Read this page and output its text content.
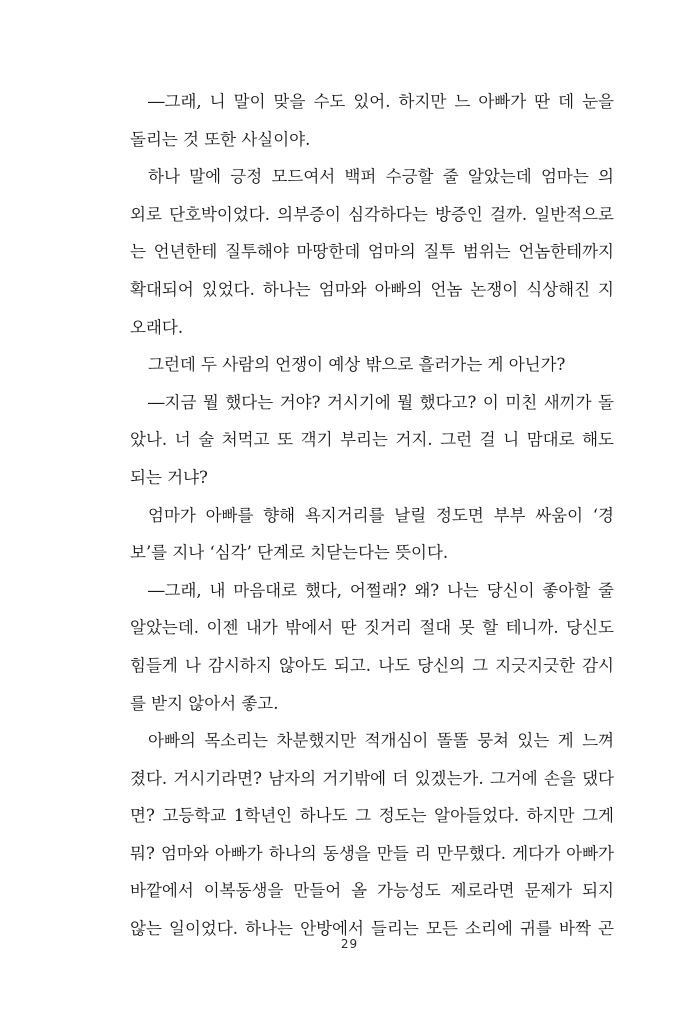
―그래, 니 말이 맞을 수도 있어. 하지만 느 아빠가 딴 데 눈을
돌리는 것 또한 사실이야.
하나 말에 긍정 모드여서 백퍼 수긍할 줄 알았는데 엄마는 의
외로 단호박이었다. 의부증이 심각하다는 방증인 걸까. 일반적으로
는 언년한테 질투해야 마땅한데 엄마의 질투 범위는 언놈한테까지
확대되어 있었다. 하나는 엄마와 아빠의 언놈 논쟁이 식상해진 지
오래다.
그런데 두 사람의 언쟁이 예상 밖으로 흘러가는 게 아닌가?
―지금 뭘 했다는 거야? 거시기에 뭘 했다고? 이 미친 새끼가 돌
았나. 너 술 처먹고 또 객기 부리는 거지. 그런 걸 니 맘대로 해도
되는 거냐?
엄마가 아빠를 향해 욕지거리를 날릴 정도면 부부 싸움이 ‘경
보’를 지나 ‘심각’ 단계로 치닫는다는 뜻이다.
―그래, 내 마음대로 했다, 어쩔래? 왜? 나는 당신이 좋아할 줄
알았는데. 이젠 내가 밖에서 딴 짓거리 절대 못 할 테니까. 당신도
힘들게 나 감시하지 않아도 되고. 나도 당신의 그 지긋지긋한 감시
를 받지 않아서 좋고.
아빠의 목소리는 차분했지만 적개심이 똘똘 뭉쳐 있는 게 느껴
졌다. 거시기라면? 남자의 거기밖에 더 있겠는가. 그거에 손을 댔다
면? 고등학교 1학년인 하나도 그 정도는 알아들었다. 하지만 그게
뭐? 엄마와 아빠가 하나의 동생을 만들 리 만무했다. 게다가 아빠가
바깥에서 이복동생을 만들어 올 가능성도 제로라면 문제가 되지
않는 일이었다. 하나는 안방에서 들리는 모든 소리에 귀를 바짝 곤
29
